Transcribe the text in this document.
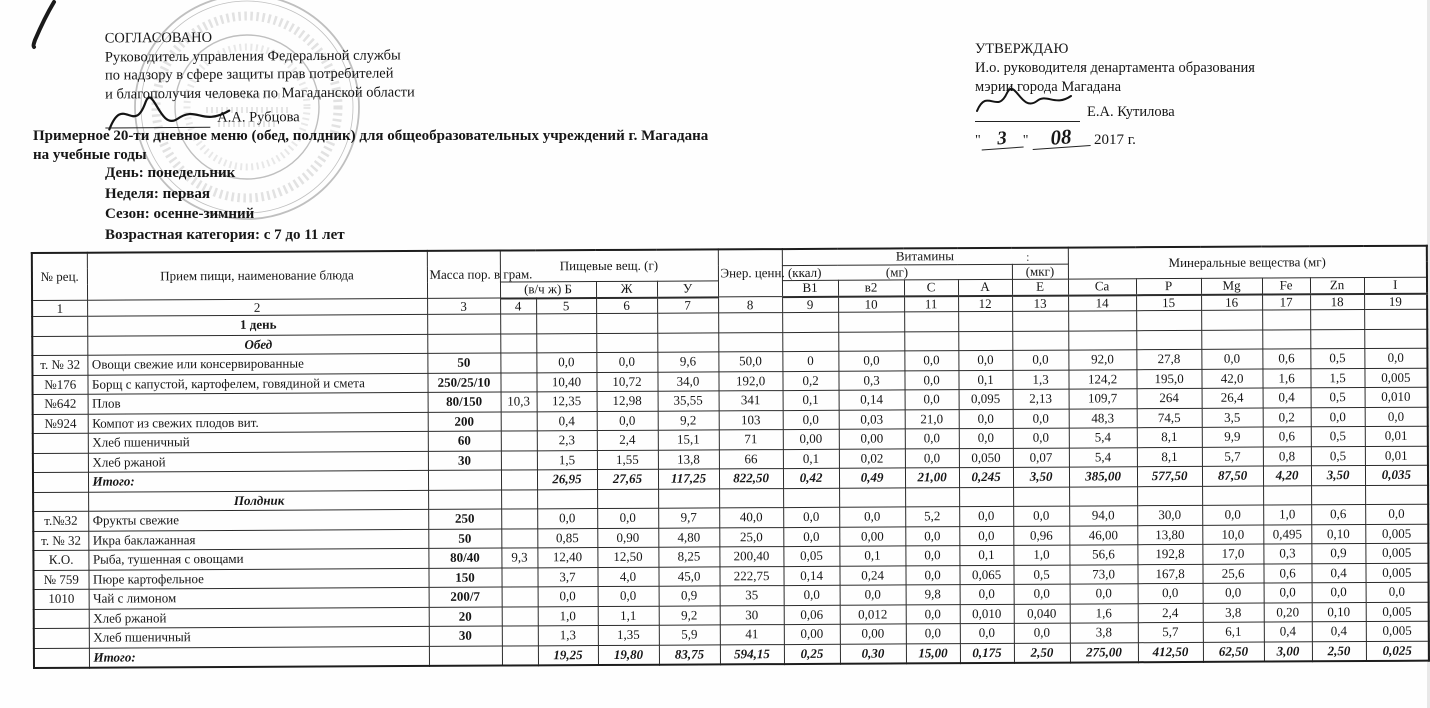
СОГЛАСОВАНО
Руководитель управления Федеральной службы
по надзору в сфере защиты прав потребителей
и благополучия человека по Магаданской области
А.А. Рубцова
УТВЕРЖДАЮ
И.о. руководителя денартамента образования
мэрии города Магадана
Е.А. Кутилова
" 3 " 08 2017 г.
Примерное 20-ти дневное меню (обед, полдник) для общеобразовательных учреждений г. Магадана
на учебные годы
День: понедельник
Неделя: первая
Сезон: осенне-зимний
Возрастная категория: с 7 до 11 лет
№ рец.	Прием пищи, наименование блюда	Масса пор. в грам.	Пищевые вещ. (г)				Энер. ценн. (ккал)	Витамины :					Минеральные вещества (мг)					
								(мг)				(мкг)						
			(в/ч ж) Б		Ж	У		В1	в2	С	А	Е	Ca	P	Mg	Fe	Zn	I
1	2	3	4	5	6	7	8	9	10	11	12	13	14	15	16	17	18	19
	1 день																	
	Обед																	
т. № 32	Овощи свежие или консервированные	50		0,0	0,0	9,6	50,0	0	0,0	0,0	0,0	0,0	92,0	27,8	0,0	0,6	0,5	0,0
№176	Борщ с капустой, картофелем, говядиной и смета	250/25/10		10,40	10,72	34,0	192,0	0,2	0,3	0,0	0,1	1,3	124,2	195,0	42,0	1,6	1,5	0,005
№642	Плов	80/150	10,3	12,35	12,98	35,55	341	0,1	0,14	0,0	0,095	2,13	109,7	264	26,4	0,4	0,5	0,010
№924	Компот из свежих плодов вит.	200		0,4	0,0	9,2	103	0,0	0,03	21,0	0,0	0,0	48,3	74,5	3,5	0,2	0,0	0,0
	Хлеб пшеничный	60		2,3	2,4	15,1	71	0,00	0,00	0,0	0,0	0,0	5,4	8,1	9,9	0,6	0,5	0,01
	Хлеб ржаной	30		1,5	1,55	13,8	66	0,1	0,02	0,0	0,050	0,07	5,4	8,1	5,7	0,8	0,5	0,01
	Итого:			26,95	27,65	117,25	822,50	0,42	0,49	21,00	0,245	3,50	385,00	577,50	87,50	4,20	3,50	0,035
	Полдник																	
т.№32	Фрукты свежие	250		0,0	0,0	9,7	40,0	0,0	0,0	5,2	0,0	0,0	94,0	30,0	0,0	1,0	0,6	0,0
т. № 32	Икра баклажанная	50		0,85	0,90	4,80	25,0	0,0	0,00	0,0	0,0	0,96	46,00	13,80	10,0	0,495	0,10	0,005
К.О.	Рыба, тушенная с овощами	80/40	9,3	12,40	12,50	8,25	200,40	0,05	0,1	0,0	0,1	1,0	56,6	192,8	17,0	0,3	0,9	0,005
№ 759	Пюре картофельное	150		3,7	4,0	45,0	222,75	0,14	0,24	0,0	0,065	0,5	73,0	167,8	25,6	0,6	0,4	0,005
1010	Чай с лимоном	200/7		0,0	0,0	0,9	35	0,0	0,0	9,8	0,0	0,0	0,0	0,0	0,0	0,0	0,0	0,0
	Хлеб ржаной	20		1,0	1,1	9,2	30	0,06	0,012	0,0	0,010	0,040	1,6	2,4	3,8	0,20	0,10	0,005
	Хлеб пшеничный	30		1,3	1,35	5,9	41	0,00	0,00	0,0	0,0	0,0	3,8	5,7	6,1	0,4	0,4	0,005
	Итого:			19,25	19,80	83,75	594,15	0,25	0,30	15,00	0,175	2,50	275,00	412,50	62,50	3,00	2,50	0,025
